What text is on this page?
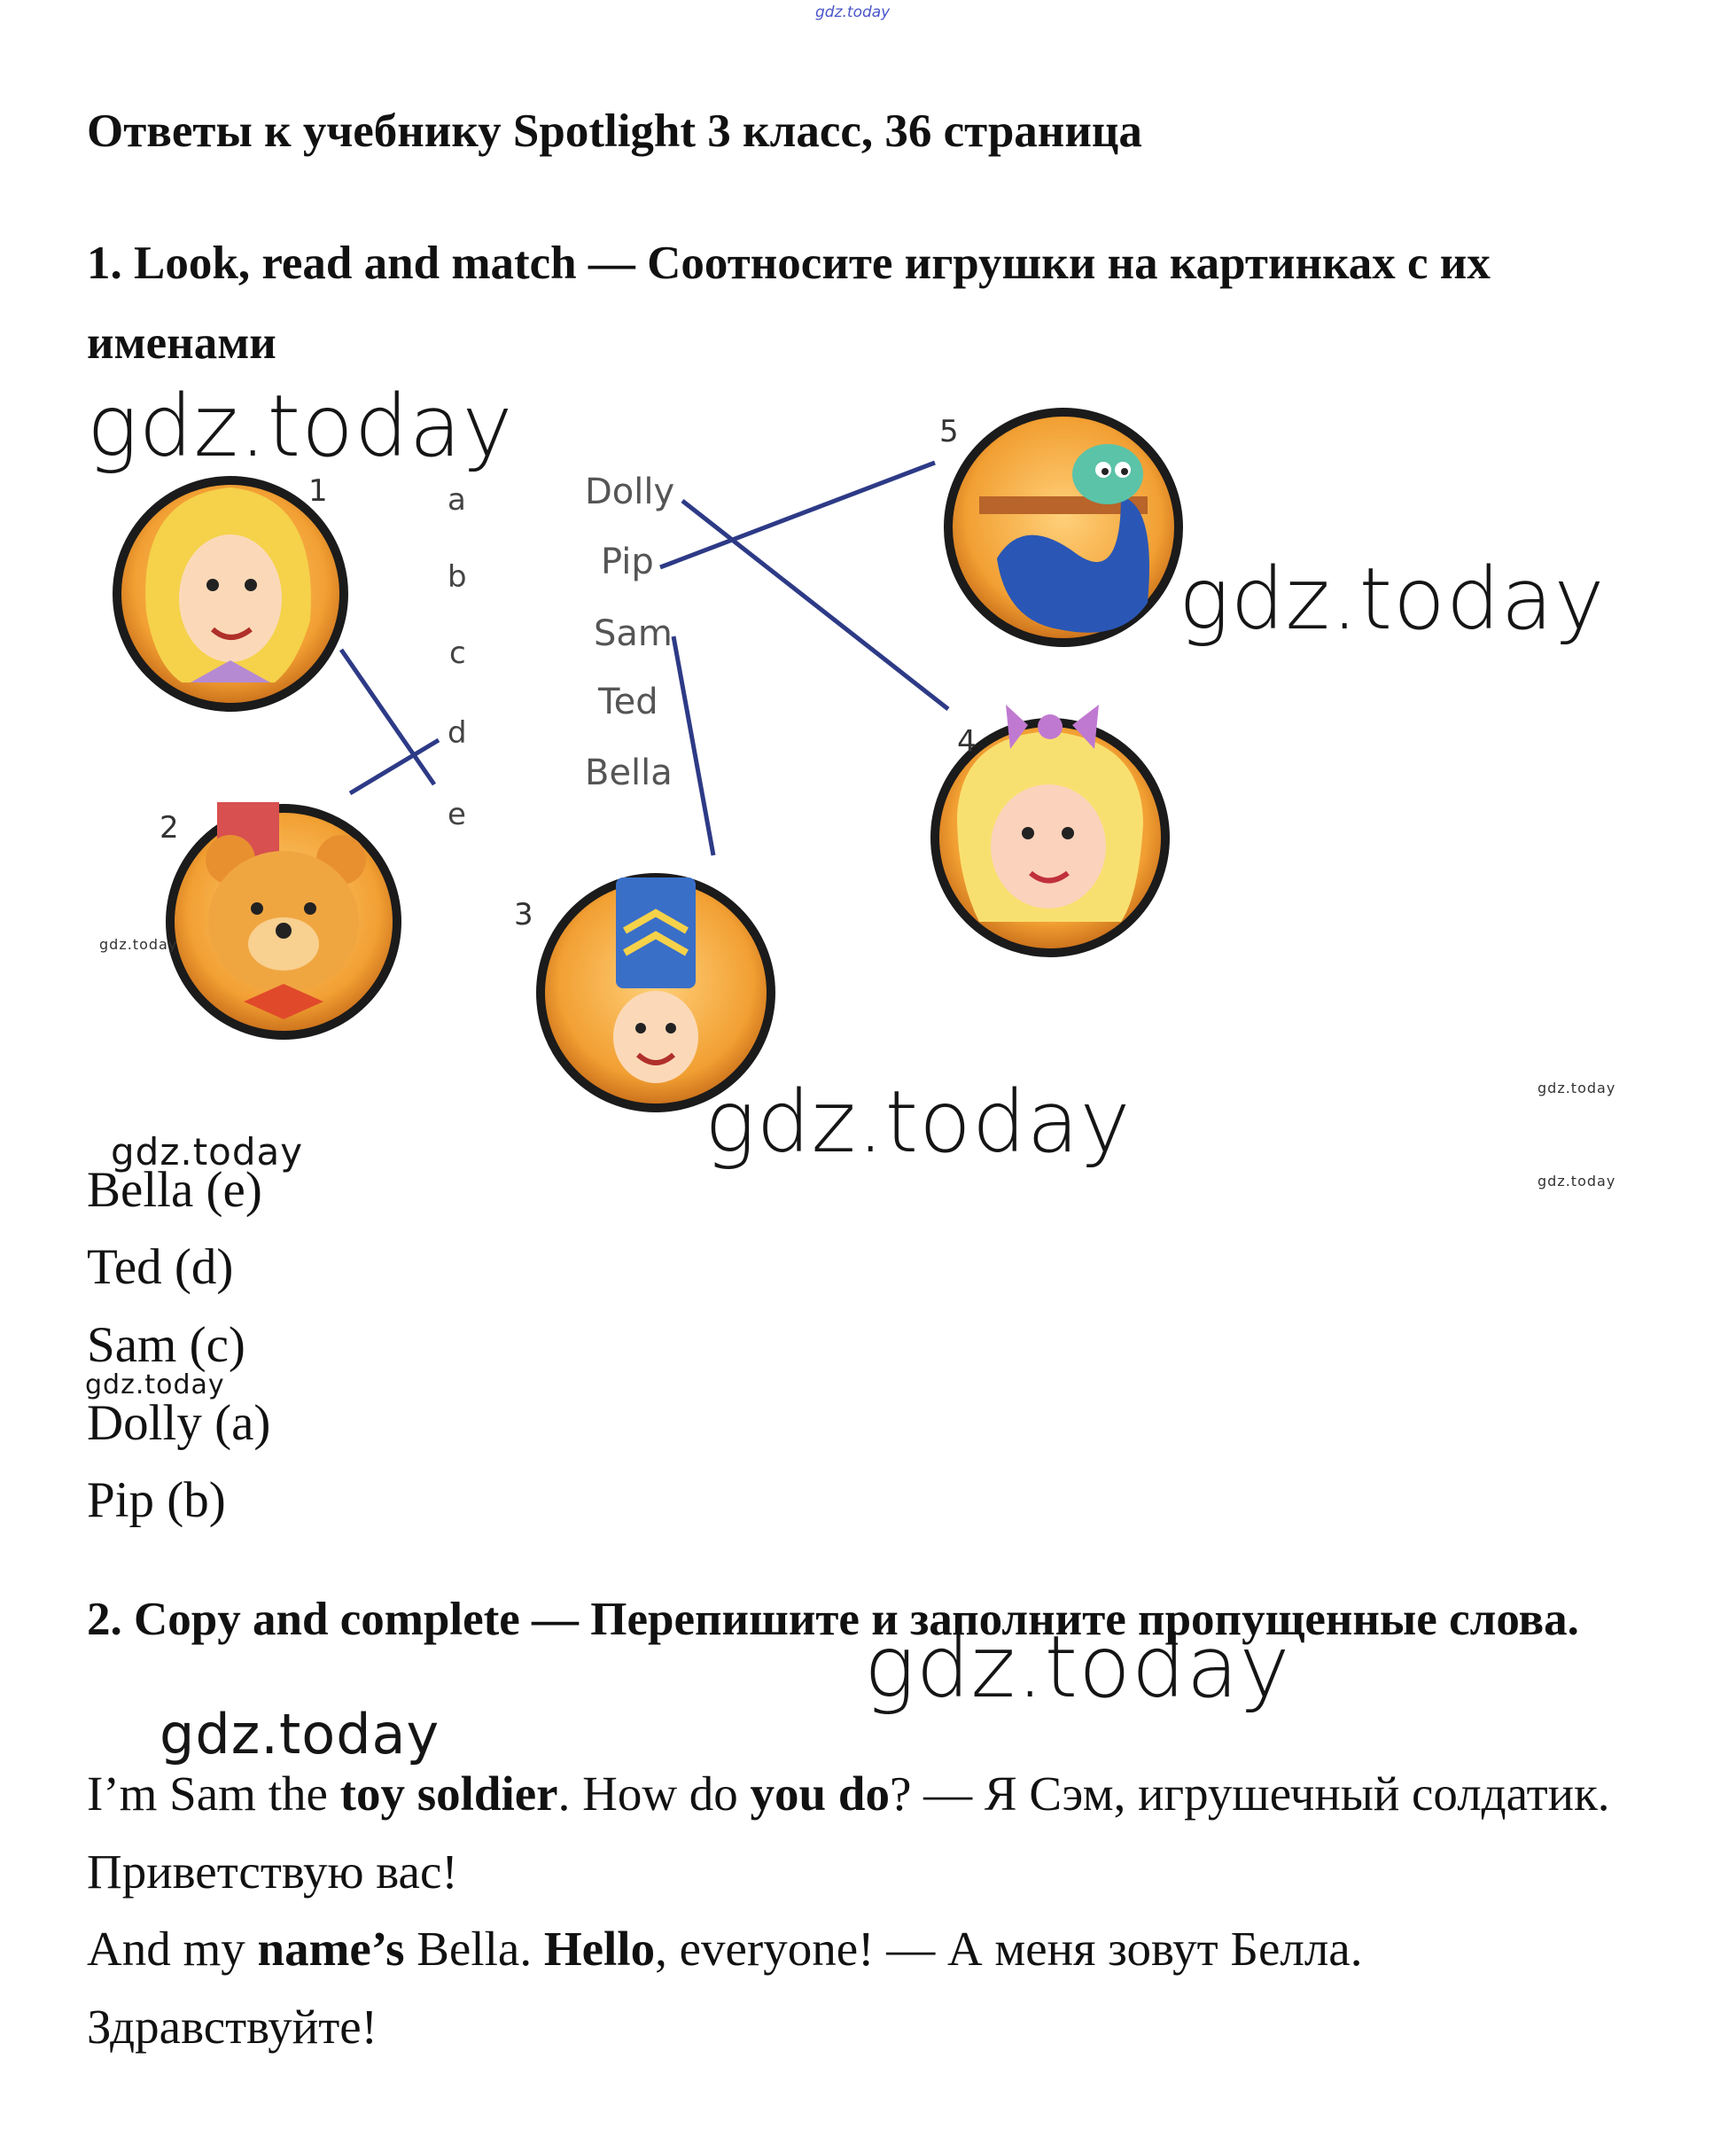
gdz.today
Ответы к учебнику Spotlight 3 класс, 36 страница
1. Look, read and match — Соотносите игрушки на картинках с их именами
1
2
3
4
5
a
b
c
d
e
Dolly
Pip
Sam
Ted
Bella
gdz.today
gdz.today
gdz.today
gdz.today
gdz.today
gdz.today
gdz.today
gdz.today
gdz.today
gdz.today
Bella (e)
Ted (d)
Sam (c)
Dolly (a)
Pip (b)
2. Copy and complete — Перепишите и заполните пропущенные слова.
I’m Sam the toy soldier. How do you do? — Я Сэм, игрушечный солдатик. Приветствую вас!
And my name’s Bella. Hello, everyone! — А меня зовут Белла. Здравствуйте!
